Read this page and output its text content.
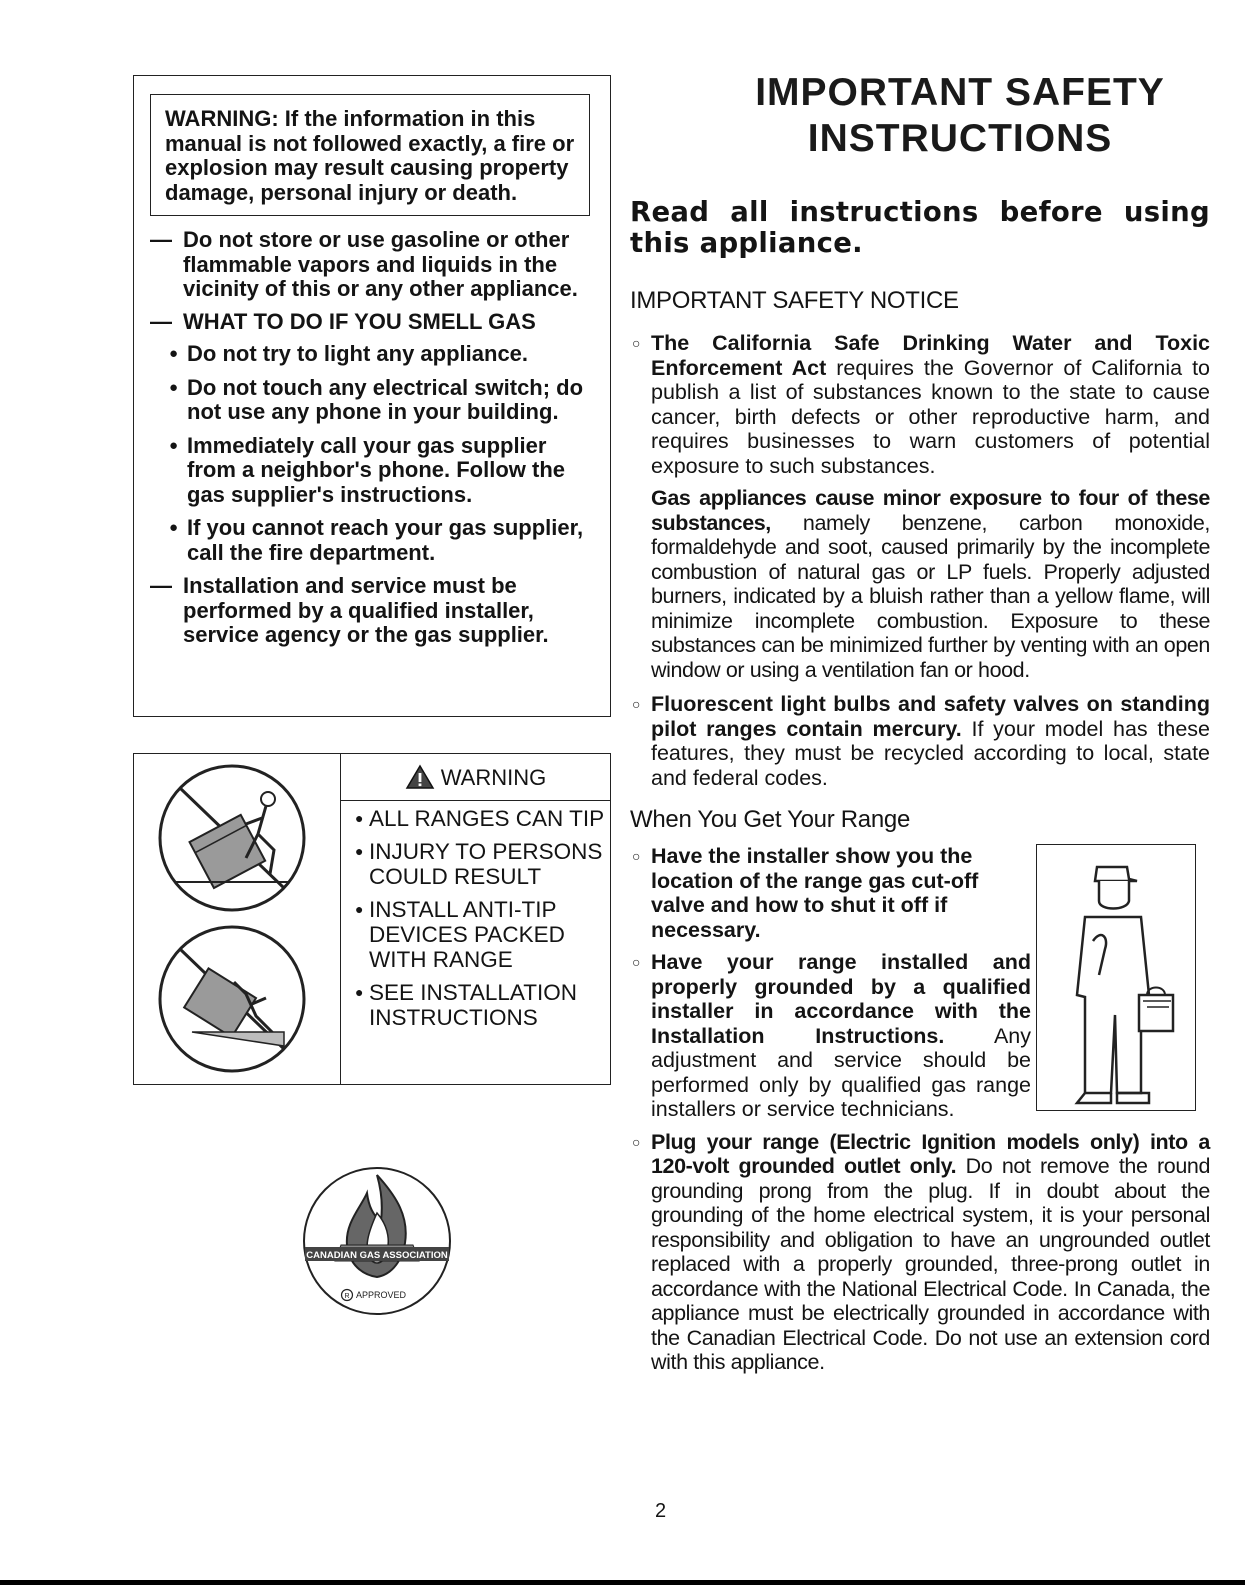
WARNING: If the information in this manual is not followed exactly, a fire or explosion may result causing property damage, personal injury or death.
— Do not store or use gasoline or other flammable vapors and liquids in the vicinity of this or any other appliance.
— WHAT TO DO IF YOU SMELL GAS
● Do not try to light any appliance.
● Do not touch any electrical switch; do not use any phone in your building.
● Immediately call your gas supplier from a neighbor's phone. Follow the gas supplier's instructions.
● If you cannot reach your gas supplier, call the fire department.
— Installation and service must be performed by a qualified installer, service agency or the gas supplier.
WARNING
● ALL RANGES CAN TIP
● INJURY TO PERSONS COULD RESULT
● INSTALL ANTI-TIP DEVICES PACKED WITH RANGE
● SEE INSTALLATION INSTRUCTIONS
CANADIAN GAS ASSOCIATION
R APPROVED
IMPORTANT SAFETY
INSTRUCTIONS
Read all instructions before using this appliance.
IMPORTANT SAFETY NOTICE
○ The California Safe Drinking Water and Toxic Enforcement Act requires the Governor of California to publish a list of substances known to the state to cause cancer, birth defects or other reproductive harm, and requires businesses to warn customers of potential exposure to such substances.
Gas appliances cause minor exposure to four of these substances, namely benzene, carbon monoxide, formaldehyde and soot, caused primarily by the incomplete combustion of natural gas or LP fuels. Properly adjusted burners, indicated by a bluish rather than a yellow flame, will minimize incomplete combustion. Exposure to these substances can be minimized further by venting with an open window or using a ventilation fan or hood.
○ Fluorescent light bulbs and safety valves on standing pilot ranges contain mercury. If your model has these features, they must be recycled according to local, state and federal codes.
When You Get Your Range
○ Have the installer show you the location of the range gas cut-off valve and how to shut it off if necessary.
○ Have your range installed and properly grounded by a qualified installer in accordance with the Installation Instructions. Any adjustment and service should be performed only by qualified gas range installers or service technicians.
○ Plug your range (Electric Ignition models only) into a 120-volt grounded outlet only. Do not remove the round grounding prong from the plug. If in doubt about the grounding of the home electrical system, it is your personal responsibility and obligation to have an ungrounded outlet replaced with a properly grounded, three-prong outlet in accordance with the National Electrical Code. In Canada, the appliance must be electrically grounded in accordance with the Canadian Electrical Code. Do not use an extension cord with this appliance.
2
